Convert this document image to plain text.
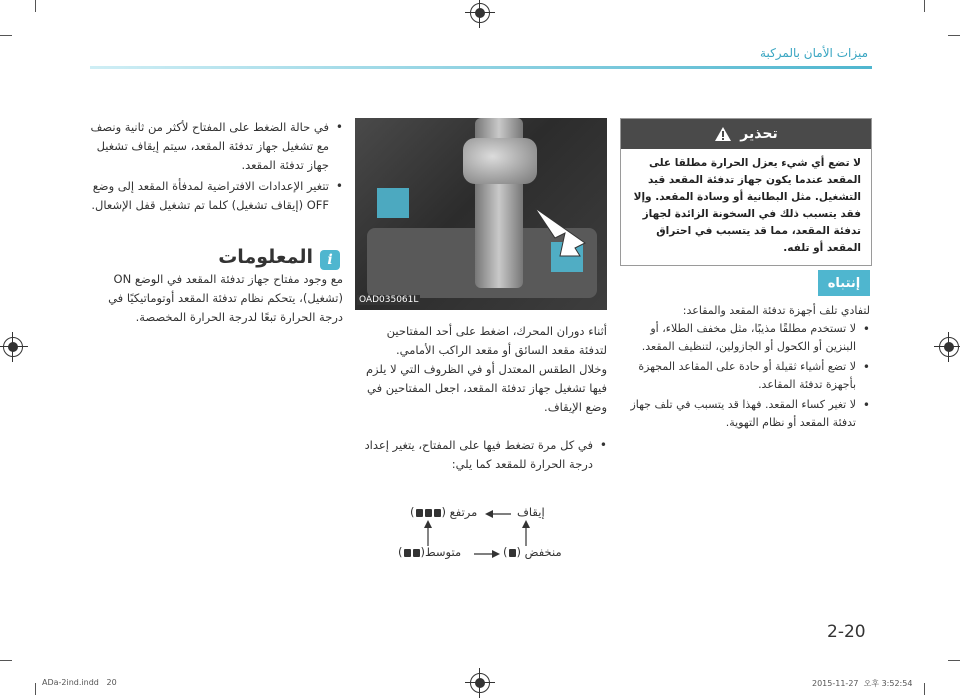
ميزات الأمان بالمركبة
• في حالة الضغط على المفتاح لأكثر من ثانية ونصف مع تشغيل جهاز تدفئة المقعد، سيتم إيقاف تشغيل جهاز تدفئة المقعد.
• تتغير الإعدادات الافتراضية لمدفأة المقعد إلى وضع OFF (إيقاف تشغيل) كلما تم تشغيل قفل الإشعال.
i
المعلومات
مع وجود مفتاح جهاز تدفئة المقعد في الوضع ON (تشغيل)، يتحكم نظام تدفئة المقعد أوتوماتيكيًا في درجة الحرارة تبعًا لدرجة الحرارة المخصصة.
OAD035061L
أثناء دوران المحرك، اضغط على أحد المفتاحين لتدفئة مقعد السائق أو مقعد الراكب الأمامي.
وخلال الطقس المعتدل أو في الظروف التي لا يلزم فيها تشغيل جهاز تدفئة المقعد، اجعل المفتاحين في وضع الإيقاف.
• في كل مرة تضغط فيها على المفتاح، يتغير إعداد درجة الحرارة للمقعد كما يلي:
( ) مرتفع	إيقاف
( )متوسط	( ) منخفض
تحذير
لا تضع أي شيء يعزل الحرارة مطلقا على المقعد عندما يكون جهاز تدفئة المقعد قيد التشغيل. مثل البطانية أو وسادة المقعد. وإلا فقد يتسبب ذلك في السخونة الزائدة لجهاز تدفئة المقعد، مما قد يتسبب في احتراق المقعد أو تلفه.
إنتباه
لتفادي تلف أجهزة تدفئة المقعد والمقاعد:
• لا تستخدم مطلقًا مذيبًا، مثل مخفف الطلاء، أو البنزين أو الكحول أو الجازولين، لتنظيف المقعد.
• لا تضع أشياء ثقيلة أو حادة على المقاعد المجهزة بأجهزة تدفئة المقاعد.
• لا تغير كساء المقعد. فهذا قد يتسبب في تلف جهاز تدفئة المقعد أو نظام التهوية.
2-20
ADa-2ind.indd 20	2015-11-27 오후 3:52:54
